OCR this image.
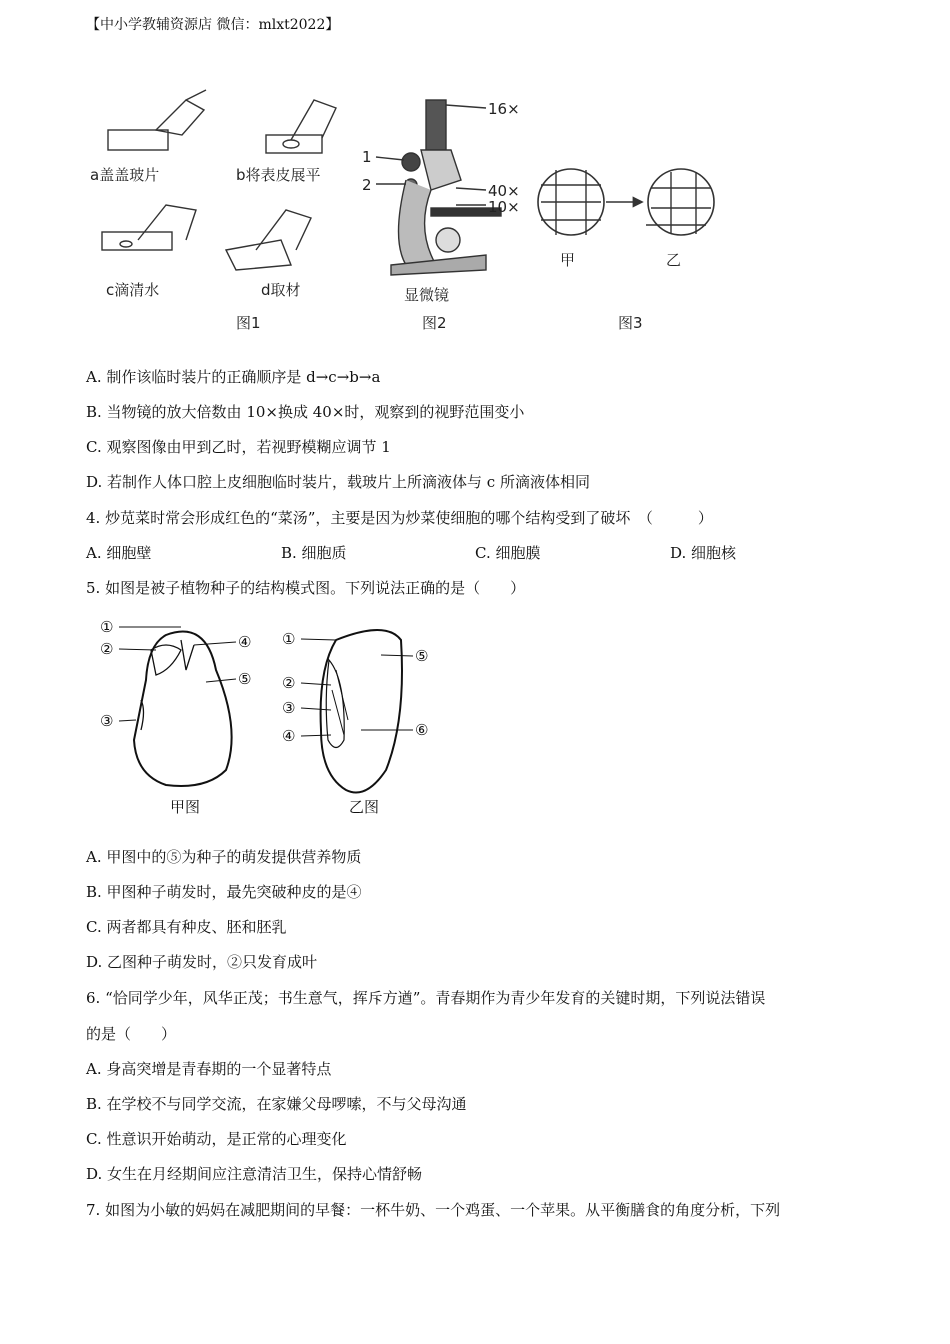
【中小学教辅资源店 微信：mlxt2022】
a盖盖玻片	b将表皮展平
c滴清水	d取材
16×
1
2	40×
10×
显微镜
甲	乙
图1	图2	图3
A. 制作该临时装片的正确顺序是 d→c→b→a
B. 当物镜的放大倍数由 10×换成 40×时，观察到的视野范围变小
C. 观察图像由甲到乙时，若视野模糊应调节 1
D. 若制作人体口腔上皮细胞临时装片，载玻片上所滴液体与 c 所滴液体相同
4. 炒苋菜时常会形成红色的“菜汤”，主要是因为炒菜使细胞的哪个结构受到了破坏　（　　　）
A. 细胞壁	B. 细胞质	C. 细胞膜	D. 细胞核
5. 如图是被子植物种子的结构模式图。下列说法正确的是（　　）
①
②
③
④
⑤
①
②
③
④
⑤
⑥
甲图	乙图
A. 甲图中的⑤为种子的萌发提供营养物质
B. 甲图种子萌发时，最先突破种皮的是④
C. 两者都具有种皮、胚和胚乳
D. 乙图种子萌发时，②只发育成叶
6. “恰同学少年，风华正茂；书生意气，挥斥方遒”。青春期作为青少年发育的关键时期，下列说法错误
的是（　　）
A. 身高突增是青春期的一个显著特点
B. 在学校不与同学交流，在家嫌父母啰嗦，不与父母沟通
C. 性意识开始萌动，是正常的心理变化
D. 女生在月经期间应注意清洁卫生，保持心情舒畅
7. 如图为小敏的妈妈在减肥期间的早餐：一杯牛奶、一个鸡蛋、一个苹果。从平衡膳食的角度分析，下列
